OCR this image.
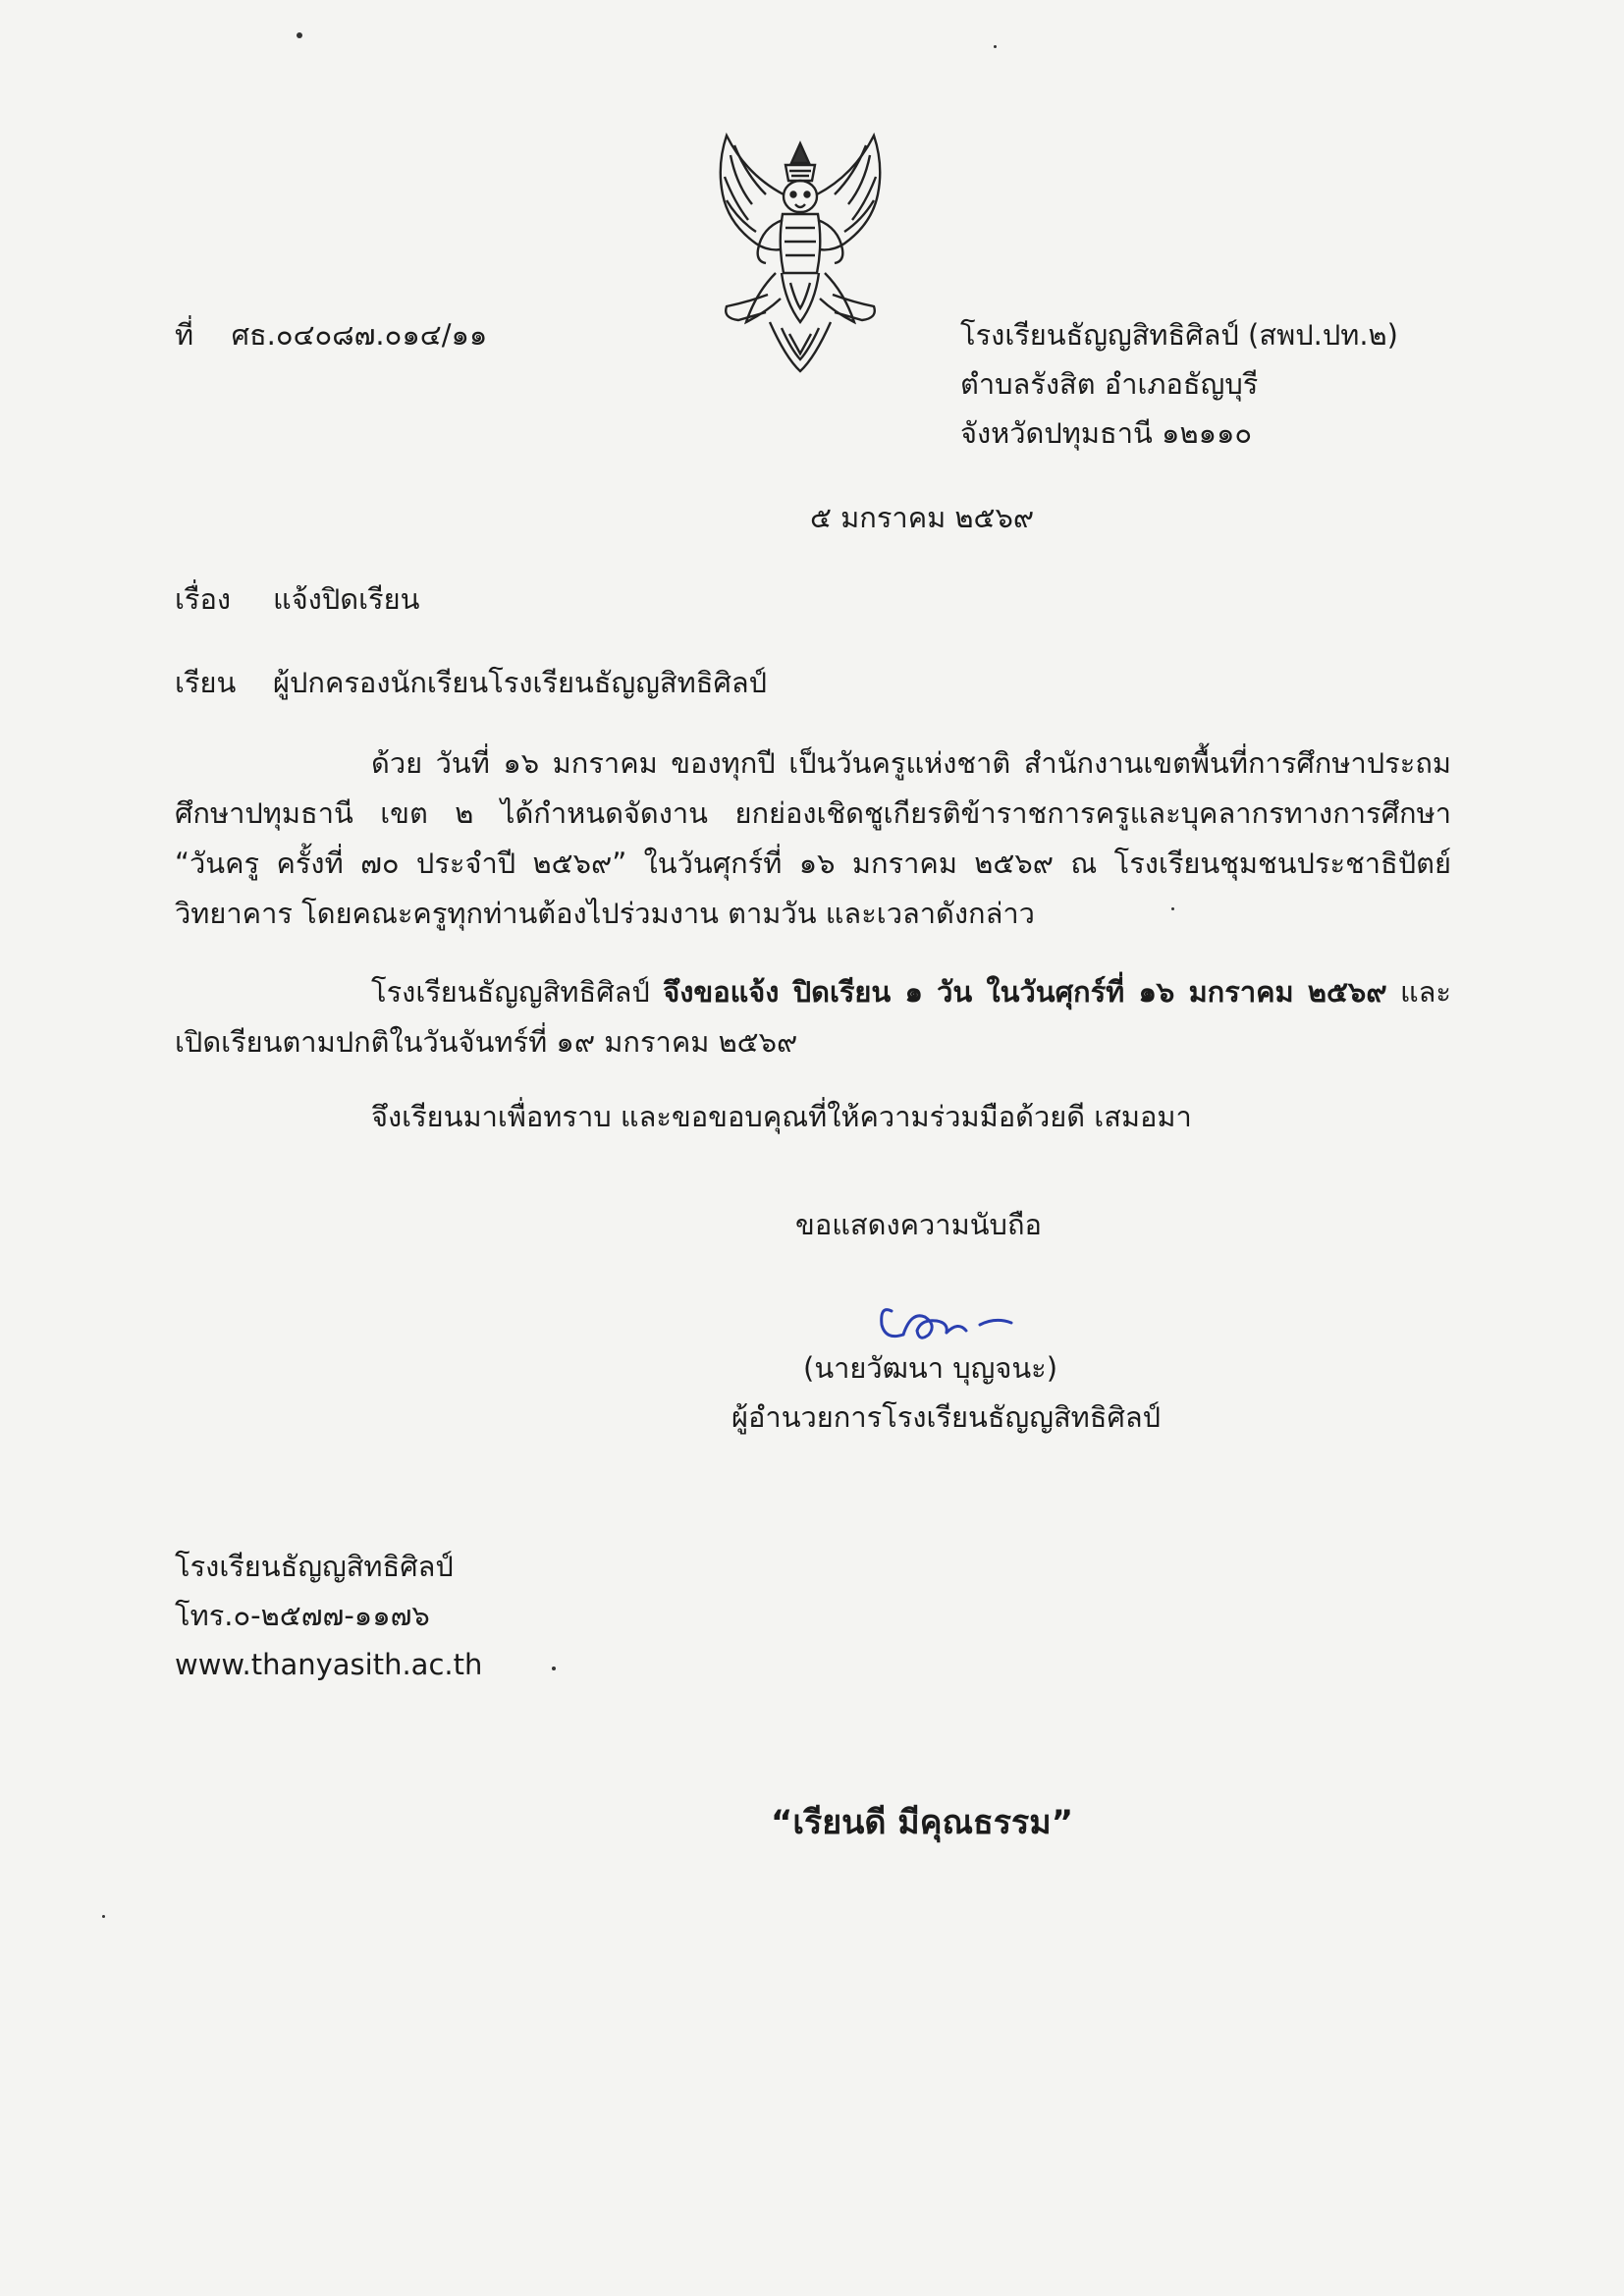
ที่ ศธ.๐๔๐๘๗.๐๑๔/๑๑	โรงเรียนธัญญสิทธิศิลป์ (สพป.ปท.๒)
ตำบลรังสิต อำเภอธัญบุรี
จังหวัดปทุมธานี ๑๒๑๑๐
๕ มกราคม ๒๕๖๙
เรื่อง แจ้งปิดเรียน
เรียน ผู้ปกครองนักเรียนโรงเรียนธัญญสิทธิศิลป์
ด้วย วันที่ ๑๖ มกราคม ของทุกปี เป็นวันครูแห่งชาติ สำนักงานเขตพื้นที่การศึกษาประถมศึกษาปทุมธานี เขต ๒ ได้กำหนดจัดงาน ยกย่องเชิดชูเกียรติข้าราชการครูและบุคลากรทางการศึกษา “วันครู ครั้งที่ ๗๐ ประจำปี ๒๕๖๙” ในวันศุกร์ที่ ๑๖ มกราคม ๒๕๖๙ ณ โรงเรียนชุมชนประชาธิปัตย์วิทยาคาร โดยคณะครูทุกท่านต้องไปร่วมงาน ตามวัน และเวลาดังกล่าว
โรงเรียนธัญญสิทธิศิลป์ จึงขอแจ้ง ปิดเรียน ๑ วัน ในวันศุกร์ที่ ๑๖ มกราคม ๒๕๖๙ และเปิดเรียนตามปกติในวันจันทร์ที่ ๑๙ มกราคม ๒๕๖๙
จึงเรียนมาเพื่อทราบ และขอขอบคุณที่ให้ความร่วมมือด้วยดี เสมอมา
ขอแสดงความนับถือ
(นายวัฒนา บุญจนะ)
ผู้อำนวยการโรงเรียนธัญญสิทธิศิลป์
โรงเรียนธัญญสิทธิศิลป์
โทร.๐-๒๕๗๗-๑๑๗๖
www.thanyasith.ac.th
“เรียนดี มีคุณธรรม”
